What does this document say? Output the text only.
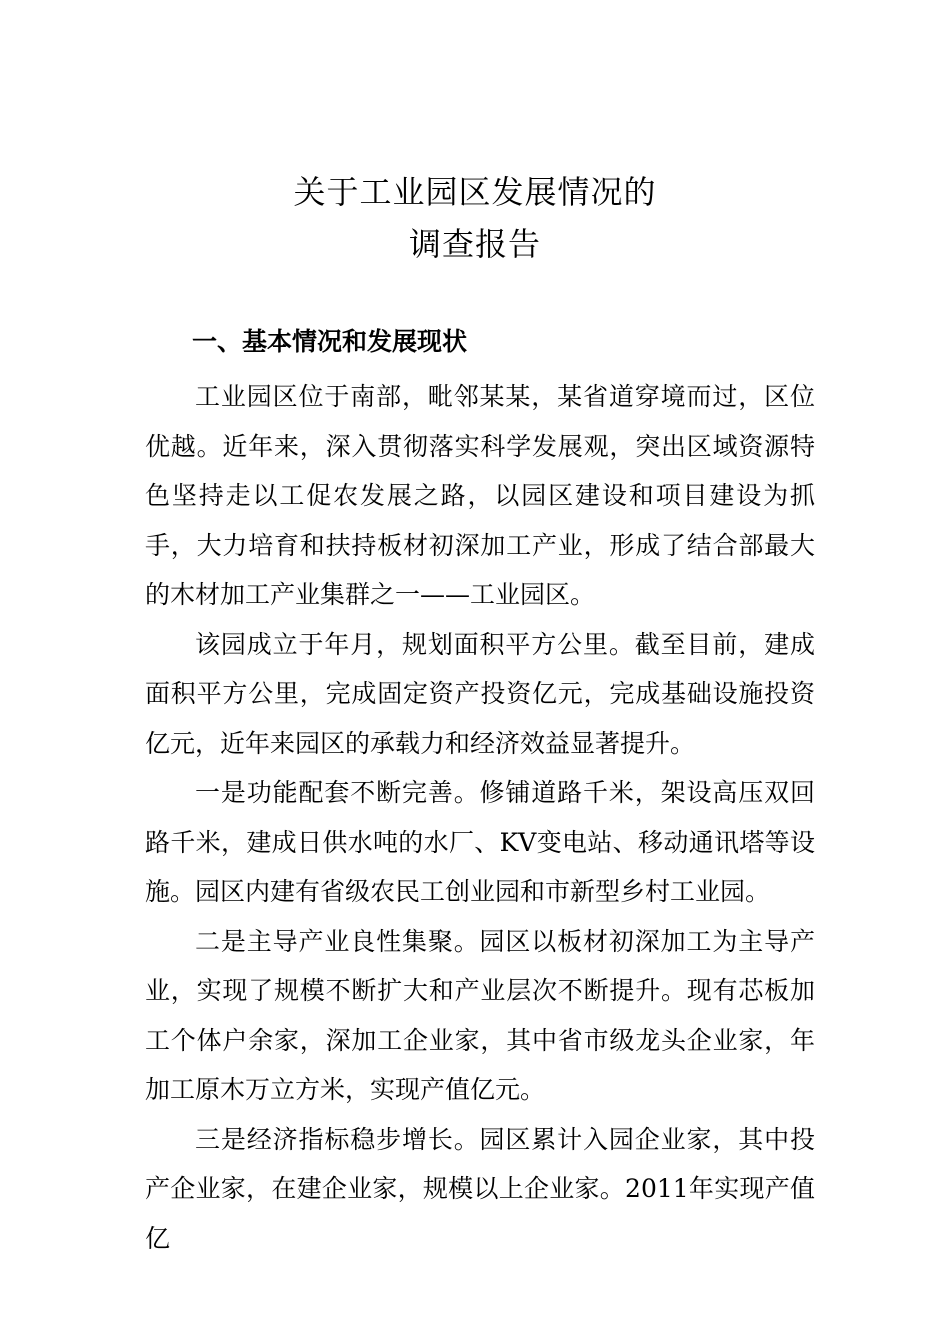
关于工业园区发展情况的
调查报告
一、基本情况和发展现状

工业园区位于南部，毗邻某某，某省道穿境而过，区位优越。近年来，深入贯彻落实科学发展观，突出区域资源特色坚持走以工促农发展之路，以园区建设和项目建设为抓手，大力培育和扶持板材初深加工产业，形成了结合部最大的木材加工产业集群之一——工业园区。

该园成立于年月，规划面积平方公里。截至目前，建成面积平方公里，完成固定资产投资亿元，完成基础设施投资亿元，近年来园区的承载力和经济效益显著提升。

一是功能配套不断完善。修铺道路千米，架设高压双回路千米，建成日供水吨的水厂、KV变电站、移动通讯塔等设施。园区内建有省级农民工创业园和市新型乡村工业园。

二是主导产业良性集聚。园区以板材初深加工为主导产业，实现了规模不断扩大和产业层次不断提升。现有芯板加工个体户余家，深加工企业家，其中省市级龙头企业家，年加工原木万立方米，实现产值亿元。

三是经济指标稳步增长。园区累计入园企业家，其中投产企业家，在建企业家，规模以上企业家。2011年实现产值亿
